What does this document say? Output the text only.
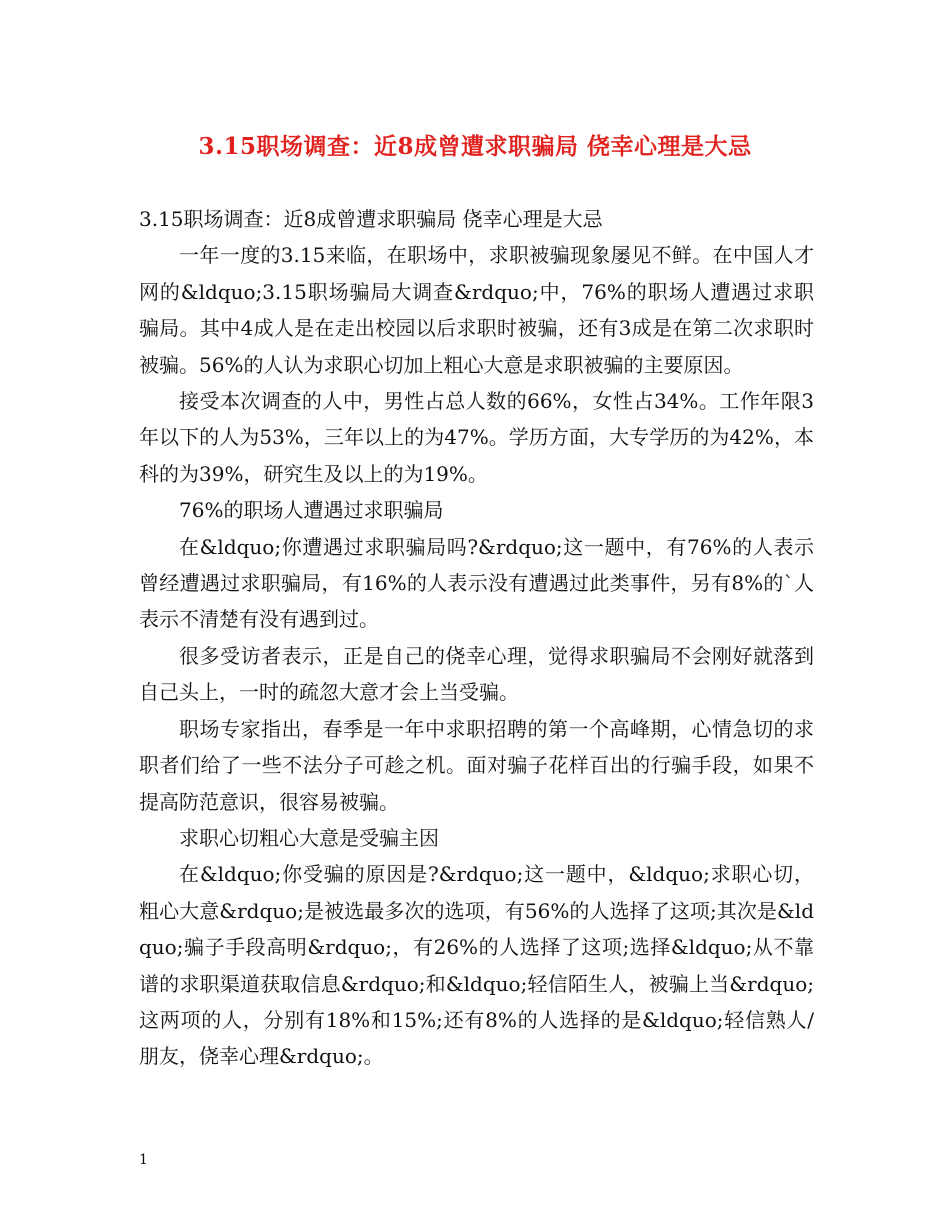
3.15职场调查：近8成曾遭求职骗局 侥幸心理是大忌

3.15职场调查：近8成曾遭求职骗局 侥幸心理是大忌

一年一度的3.15来临，在职场中，求职被骗现象屡见不鲜。在中国人才网的&ldquo;3.15职场骗局大调查&rdquo;中，76%的职场人遭遇过求职骗局。其中4成人是在走出校园以后求职时被骗，还有3成是在第二次求职时被骗。56%的人认为求职心切加上粗心大意是求职被骗的主要原因。

接受本次调查的人中，男性占总人数的66%，女性占34%。工作年限3年以下的人为53%，三年以上的为47%。学历方面，大专学历的为42%，本科的为39%，研究生及以上的为19%。

76%的职场人遭遇过求职骗局

在&ldquo;你遭遇过求职骗局吗?&rdquo;这一题中，有76%的人表示曾经遭遇过求职骗局，有16%的人表示没有遭遇过此类事件，另有8%的`人表示不清楚有没有遇到过。

很多受访者表示，正是自己的侥幸心理，觉得求职骗局不会刚好就落到自己头上，一时的疏忽大意才会上当受骗。

职场专家指出，春季是一年中求职招聘的第一个高峰期，心情急切的求职者们给了一些不法分子可趁之机。面对骗子花样百出的行骗手段，如果不提高防范意识，很容易被骗。

求职心切粗心大意是受骗主因

在&ldquo;你受骗的原因是?&rdquo;这一题中，&ldquo;求职心切，粗心大意&rdquo;是被选最多次的选项，有56%的人选择了这项;其次是&ldquo;骗子手段高明&rdquo;，有26%的人选择了这项;选择&ldquo;从不靠谱的求职渠道获取信息&rdquo;和&ldquo;轻信陌生人，被骗上当&rdquo;这两项的人，分别有18%和15%;还有8%的人选择的是&ldquo;轻信熟人/朋友，侥幸心理&rdquo;。

1
